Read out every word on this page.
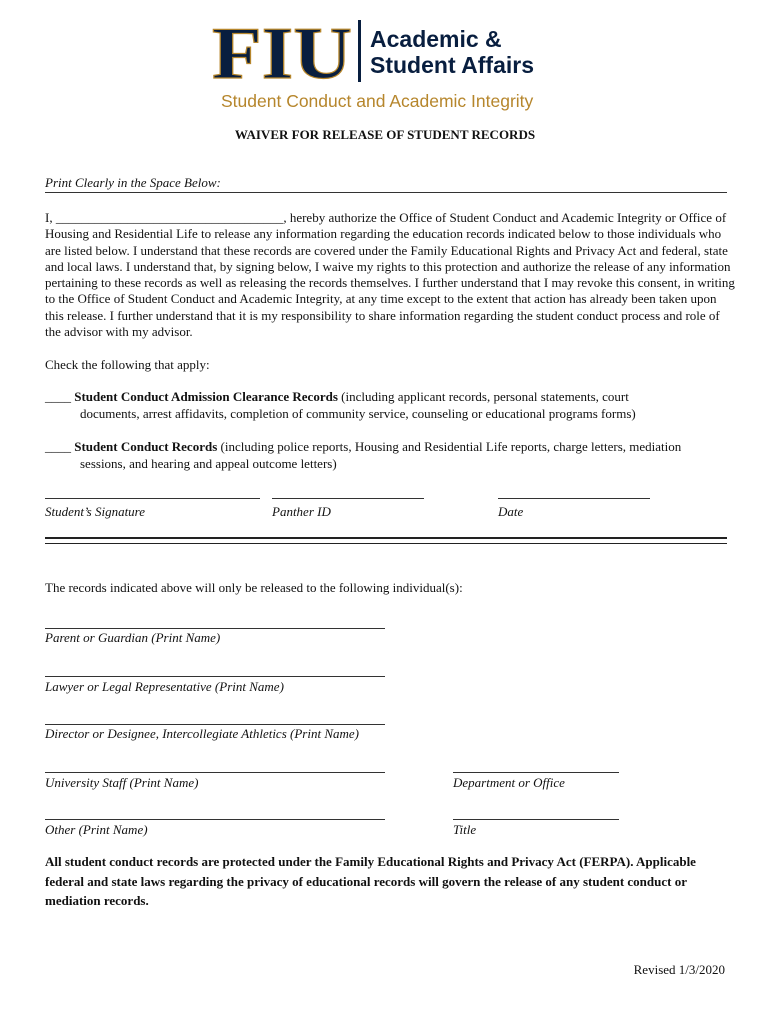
FIU Academic &
Student Affairs
Student Conduct and Academic Integrity
WAIVER FOR RELEASE OF STUDENT RECORDS
Print Clearly in the Space Below:
I, ___________________________________, hereby authorize the Office of Student Conduct and Academic Integrity or Office of Housing and Residential Life to release any information regarding the education records indicated below to those individuals who are listed below. I understand that these records are covered under the Family Educational Rights and Privacy Act and federal, state and local laws. I understand that, by signing below, I waive my rights to this protection and authorize the release of any information pertaining to these records as well as releasing the records themselves. I further understand that I may revoke this consent, in writing to the Office of Student Conduct and Academic Integrity, at any time except to the extent that action has already been taken upon this release. I further understand that it is my responsibility to share information regarding the student conduct process and role of the advisor with my advisor.
Check the following that apply:
____ Student Conduct Admission Clearance Records (including applicant records, personal statements, court
documents, arrest affidavits, completion of community service, counseling or educational programs forms)
____ Student Conduct Records (including police reports, Housing and Residential Life reports, charge letters, mediation
sessions, and hearing and appeal outcome letters)
Student’s Signature	Panther ID	Date
The records indicated above will only be released to the following individual(s):
Parent or Guardian (Print Name)
Lawyer or Legal Representative (Print Name)
Director or Designee, Intercollegiate Athletics (Print Name)
University Staff (Print Name)	Department or Office
Other (Print Name)	Title
All student conduct records are protected under the Family Educational Rights and Privacy Act (FERPA). Applicable federal and state laws regarding the privacy of educational records will govern the release of any student conduct or mediation records.
Revised 1/3/2020
